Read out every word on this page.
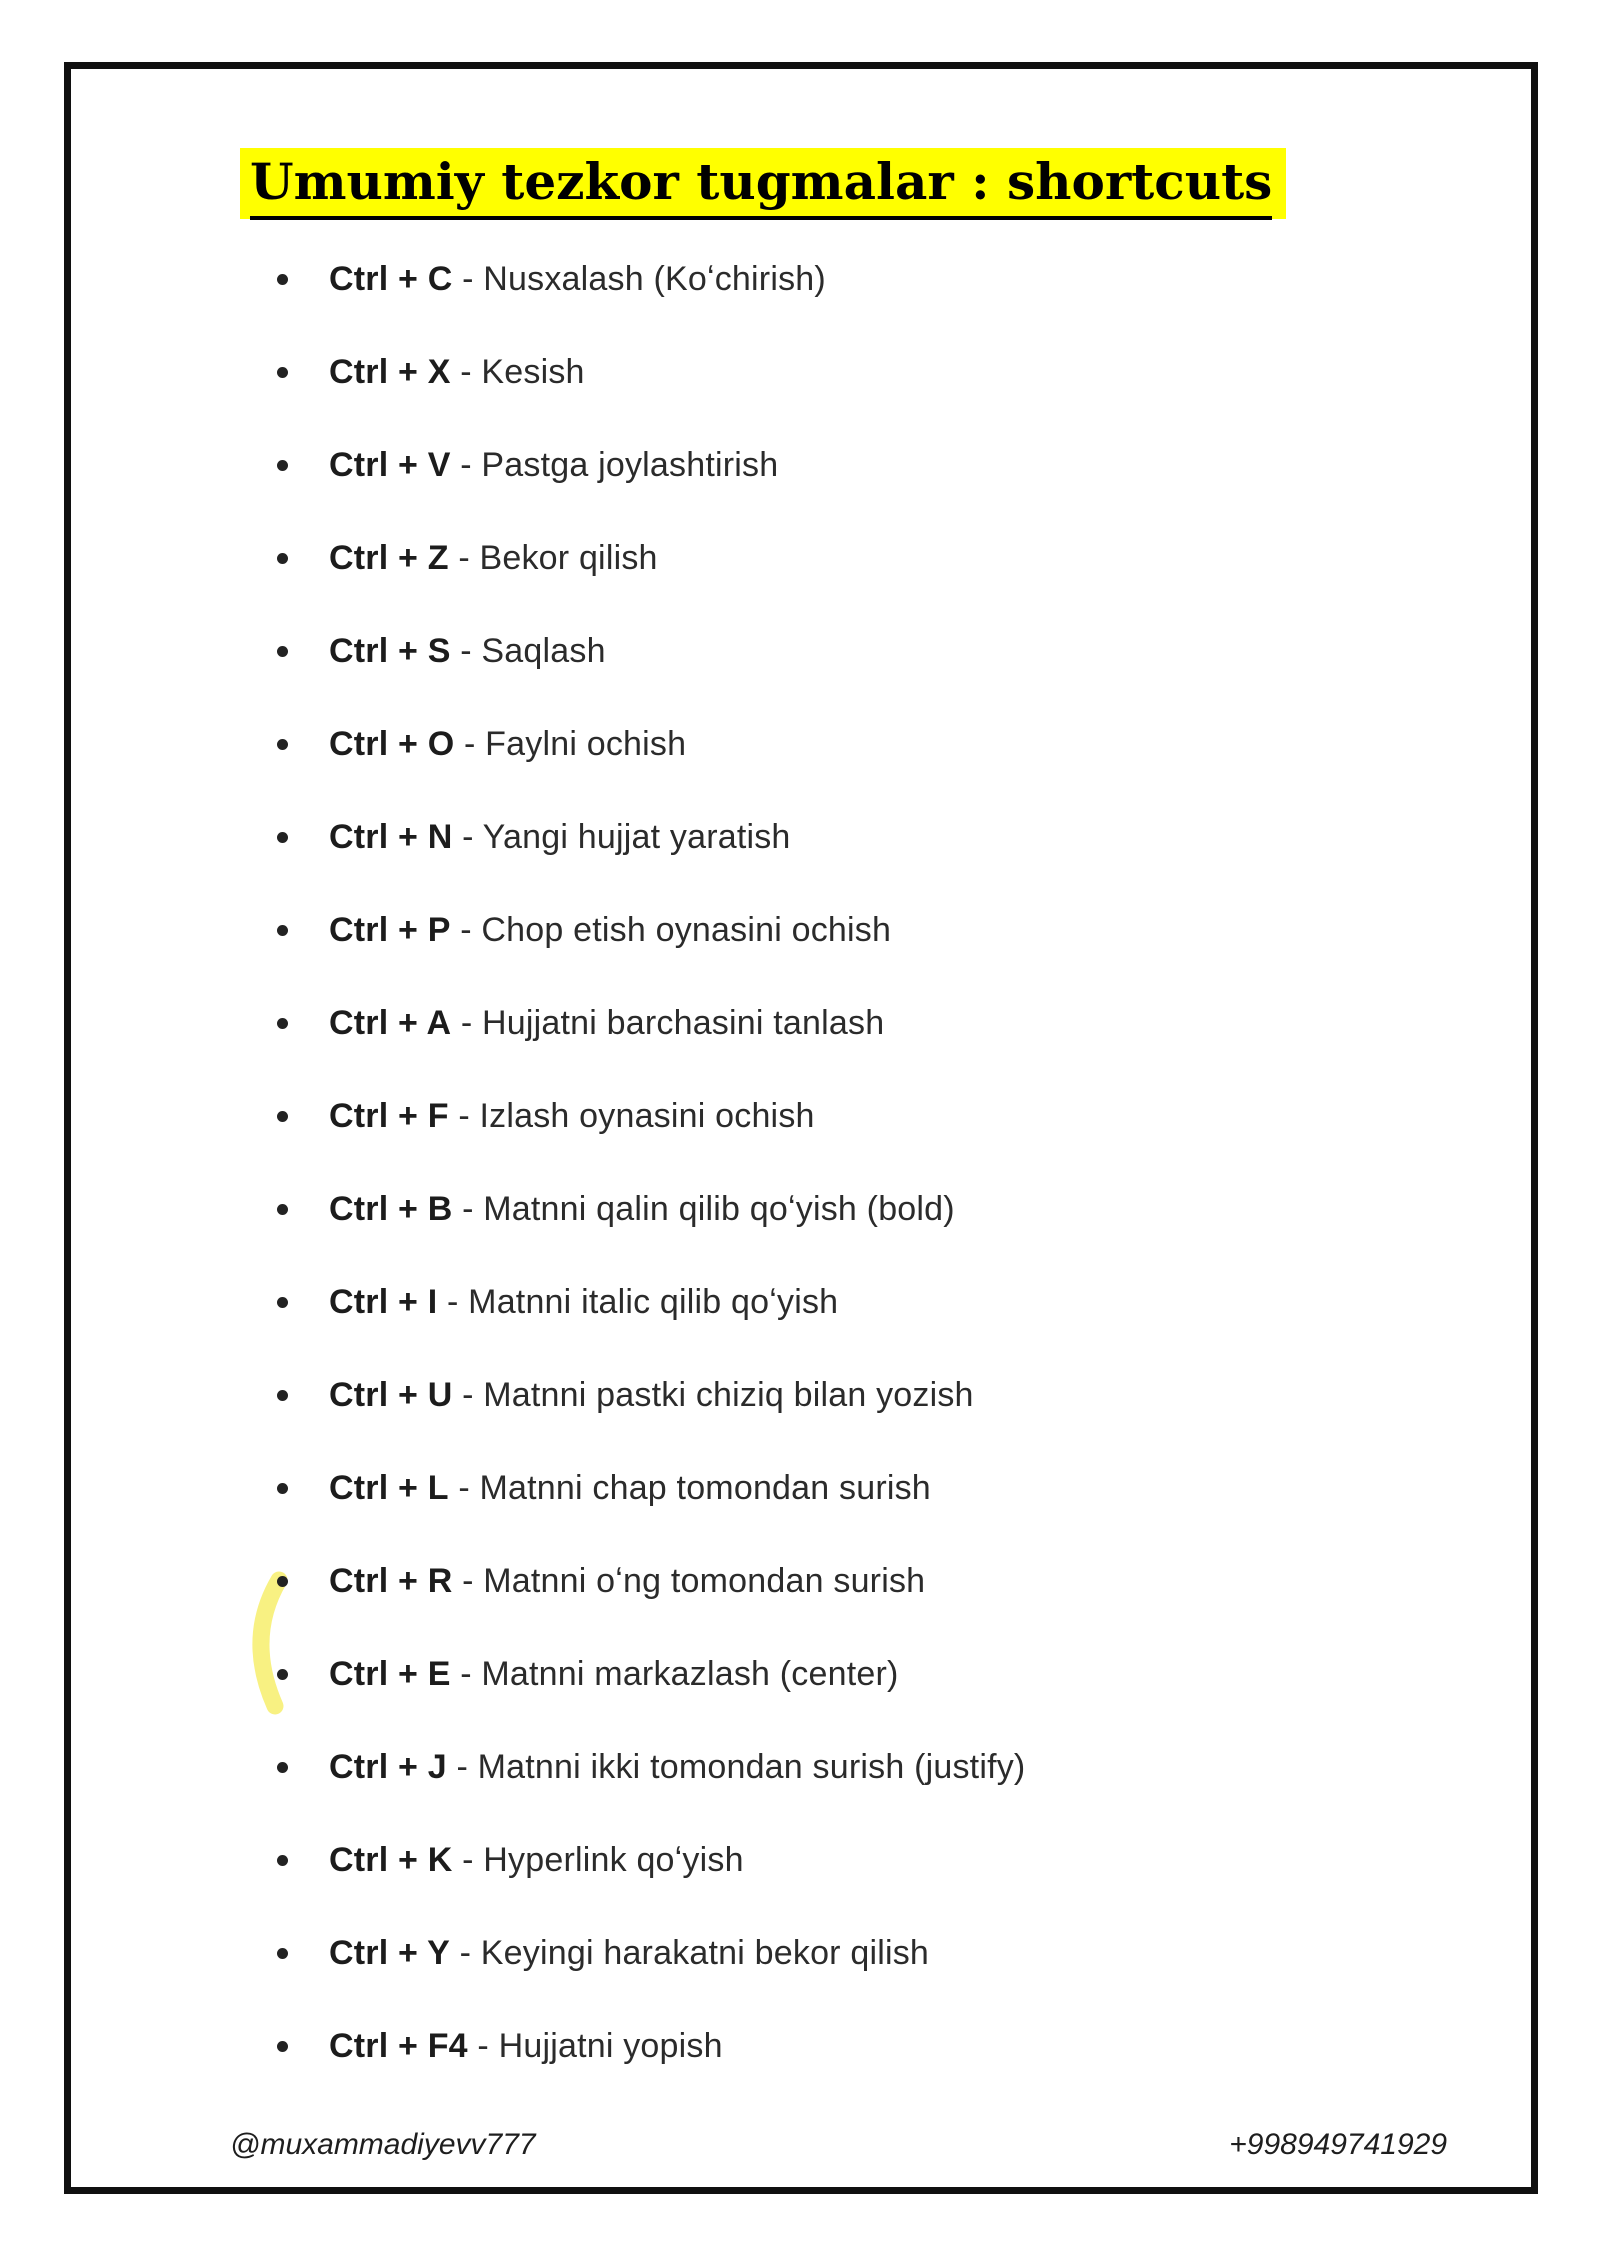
Umumiy tezkor tugmalar : shortcuts
Ctrl + C - Nusxalash (Koʻchirish)
Ctrl + X - Kesish
Ctrl + V - Pastga joylashtirish
Ctrl + Z - Bekor qilish
Ctrl + S - Saqlash
Ctrl + O - Faylni ochish
Ctrl + N - Yangi hujjat yaratish
Ctrl + P - Chop etish oynasini ochish
Ctrl + A - Hujjatni barchasini tanlash
Ctrl + F - Izlash oynasini ochish
Ctrl + B - Matnni qalin qilib qoʻyish (bold)
Ctrl + I - Matnni italic qilib qoʻyish
Ctrl + U - Matnni pastki chiziq bilan yozish
Ctrl + L - Matnni chap tomondan surish
Ctrl + R - Matnni oʻng tomondan surish
Ctrl + E - Matnni markazlash (center)
Ctrl + J - Matnni ikki tomondan surish (justify)
Ctrl + K - Hyperlink qoʻyish
Ctrl + Y - Keyingi harakatni bekor qilish
Ctrl + F4 - Hujjatni yopish
@muxammadiyevv777	+998949741929
